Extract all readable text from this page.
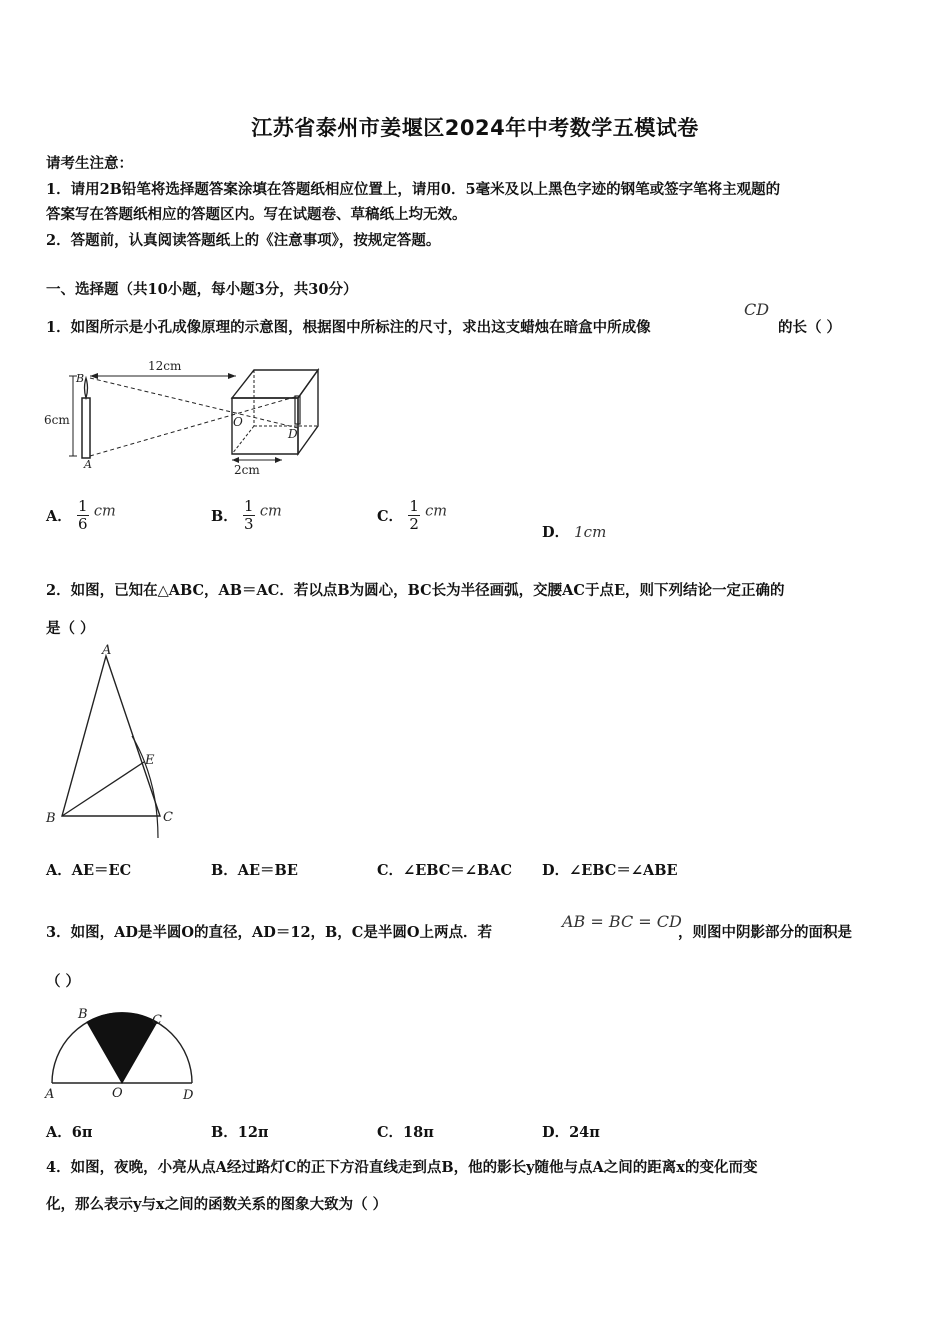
江苏省泰州市姜堰区2024年中考数学五模试卷
请考生注意：
1．请用2B铅笔将选择题答案涂填在答题纸相应位置上，请用0．5毫米及以上黑色字迹的钢笔或签字笔将主观题的
答案写在答题纸相应的答题区内。写在试题卷、草稿纸上均无效。
2．答题前，认真阅读答题纸上的《注意事项》，按规定答题。
一、选择题（共10小题，每小题3分，共30分）
1．如图所示是小孔成像原理的示意图，根据图中所标注的尺寸，求出这支蜡烛在暗盒中所成像
CD
的长（ ）
6cm
12cm
B
A
O
D
2cm
A． $\frac{1}{6}$ cm	B． $\frac{1}{3}$ cm	C． $\frac{1}{2}$ cm
D． 1cm
2．如图，已知在△ABC，AB＝AC．若以点B为圆心，BC长为半径画弧，交腰AC于点E，则下列结论一定正确的
是（ ）
A
B	C
E
A．AE＝EC	B．AE＝BE	C．∠EBC＝∠BAC D．∠EBC＝∠ABE
3．如图，AD是半圆O的直径，AD＝12，B，C是半圆O上两点．若
AB = BC = CD
，则图中阴影部分的面积是
（ ）
B	C
A	O	D
A．6π	B．12π	C．18π	D．24π
4．如图，夜晚，小亮从点A经过路灯C的正下方沿直线走到点B，他的影长y随他与点A之间的距离x的变化而变
化，那么表示y与x之间的函数关系的图象大致为（ ）
